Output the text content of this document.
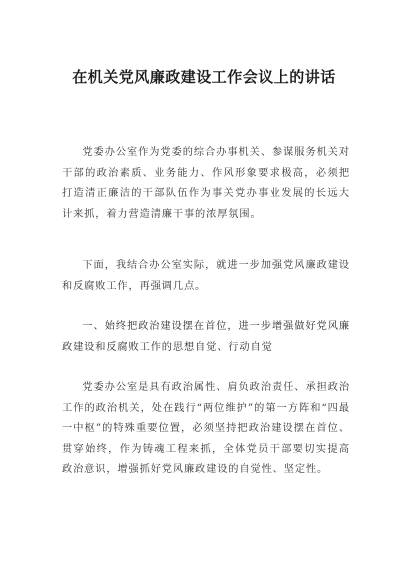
在机关党风廉政建设工作会议上的讲话

党委办公室作为党委的综合办事机关、参谋服务机关对干部的政治素质、业务能力、作风形象要求极高，必须把打造清正廉洁的干部队伍作为事关党办事业发展的长远大计来抓，着力营造清廉干事的浓厚氛围。

下面，我结合办公室实际，就进一步加强党风廉政建设和反腐败工作，再强调几点。

一、始终把政治建设摆在首位，进一步增强做好党风廉政建设和反腐败工作的思想自觉、行动自觉

党委办公室是具有政治属性、肩负政治责任、承担政治工作的政治机关，处在践行“两位维护”的第一方阵和“四最一中枢”的特殊重要位置，必须坚持把政治建设摆在首位、贯穿始终，作为铸魂工程来抓，全体党员干部要切实提高政治意识，增强抓好党风廉政建设的自觉性、坚定性。
